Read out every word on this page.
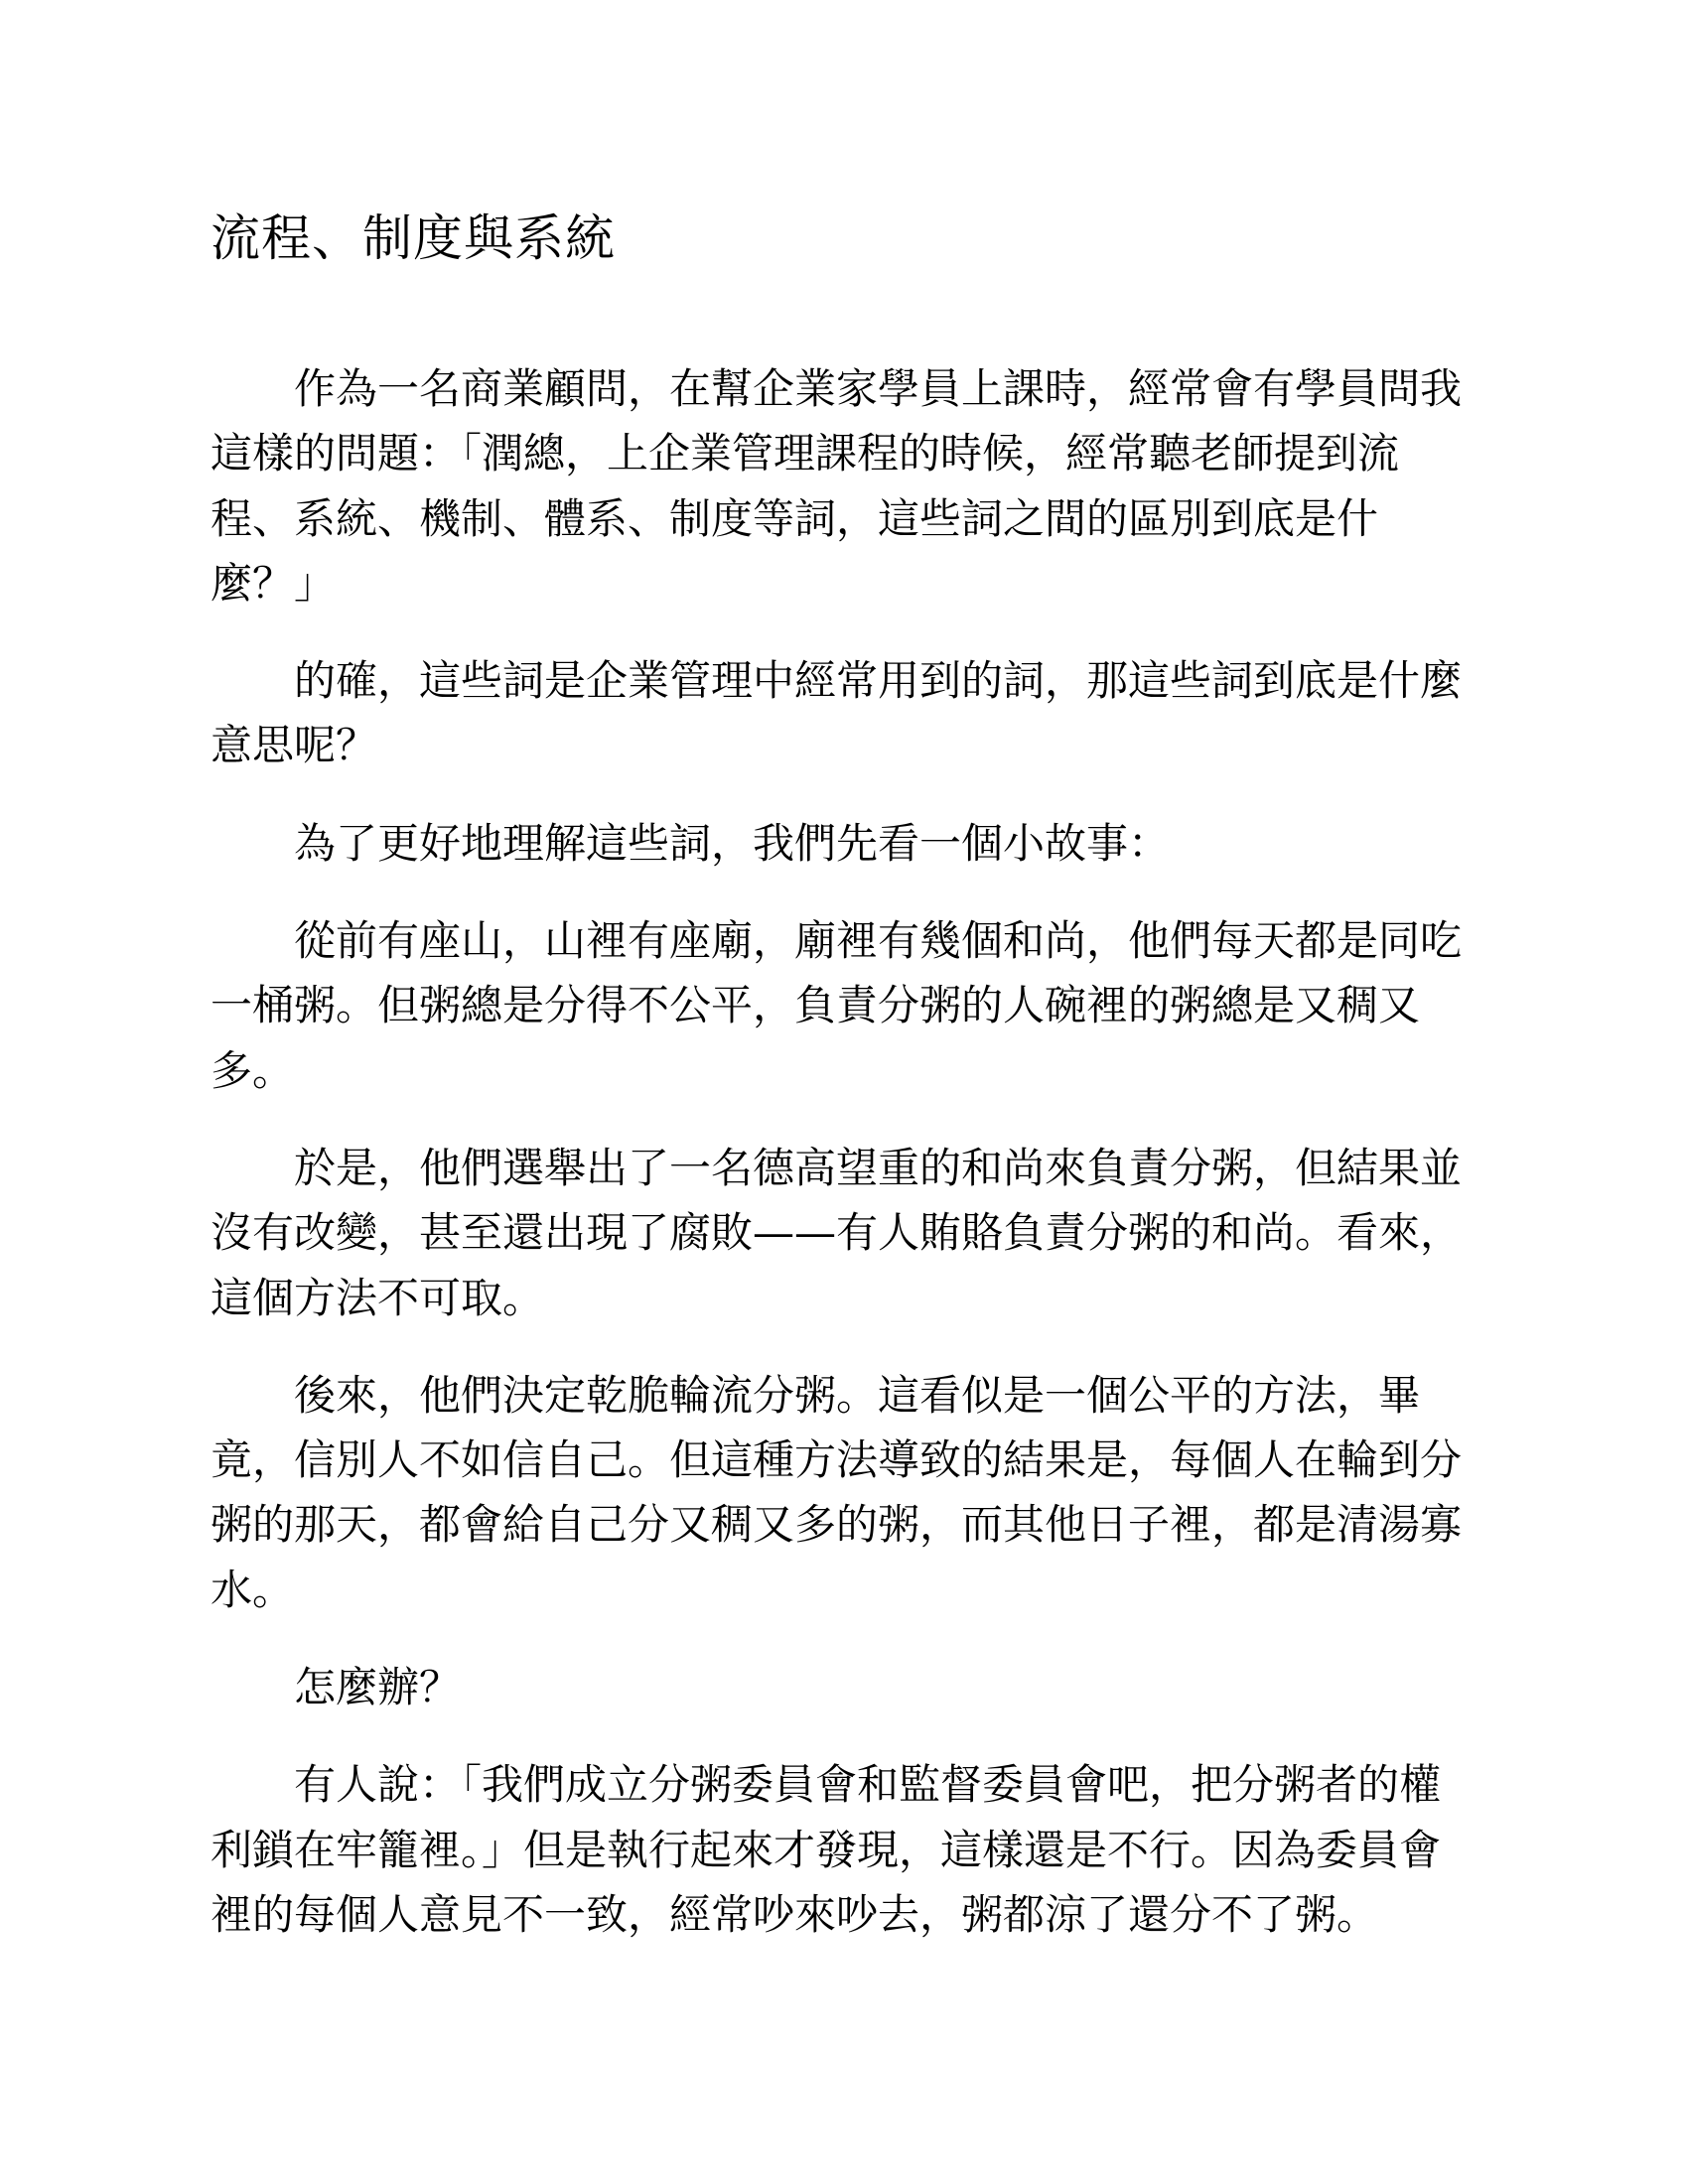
流程、制度與系統

作為一名商業顧問，在幫企業家學員上課時，經常會有學員問我
這樣的問題：「潤總，上企業管理課程的時候，經常聽老師提到流
程、系統、機制、體系、制度等詞，這些詞之間的區別到底是什
麼？」

的確，這些詞是企業管理中經常用到的詞，那這些詞到底是什麼
意思呢？

為了更好地理解這些詞，我們先看一個小故事：

從前有座山，山裡有座廟，廟裡有幾個和尚，他們每天都是同吃
一桶粥。但粥總是分得不公平，負責分粥的人碗裡的粥總是又稠又
多。

於是，他們選舉出了一名德高望重的和尚來負責分粥，但結果並
沒有改變，甚至還出現了腐敗——有人賄賂負責分粥的和尚。看來，
這個方法不可取。

後來，他們決定乾脆輪流分粥。這看似是一個公平的方法，畢
竟，信別人不如信自己。但這種方法導致的結果是，每個人在輪到分
粥的那天，都會給自己分又稠又多的粥，而其他日子裡，都是清湯寡
水。

怎麼辦？

有人說：「我們成立分粥委員會和監督委員會吧，把分粥者的權
利鎖在牢籠裡。」但是執行起來才發現，這樣還是不行。因為委員會
裡的每個人意見不一致，經常吵來吵去，粥都涼了還分不了粥。
